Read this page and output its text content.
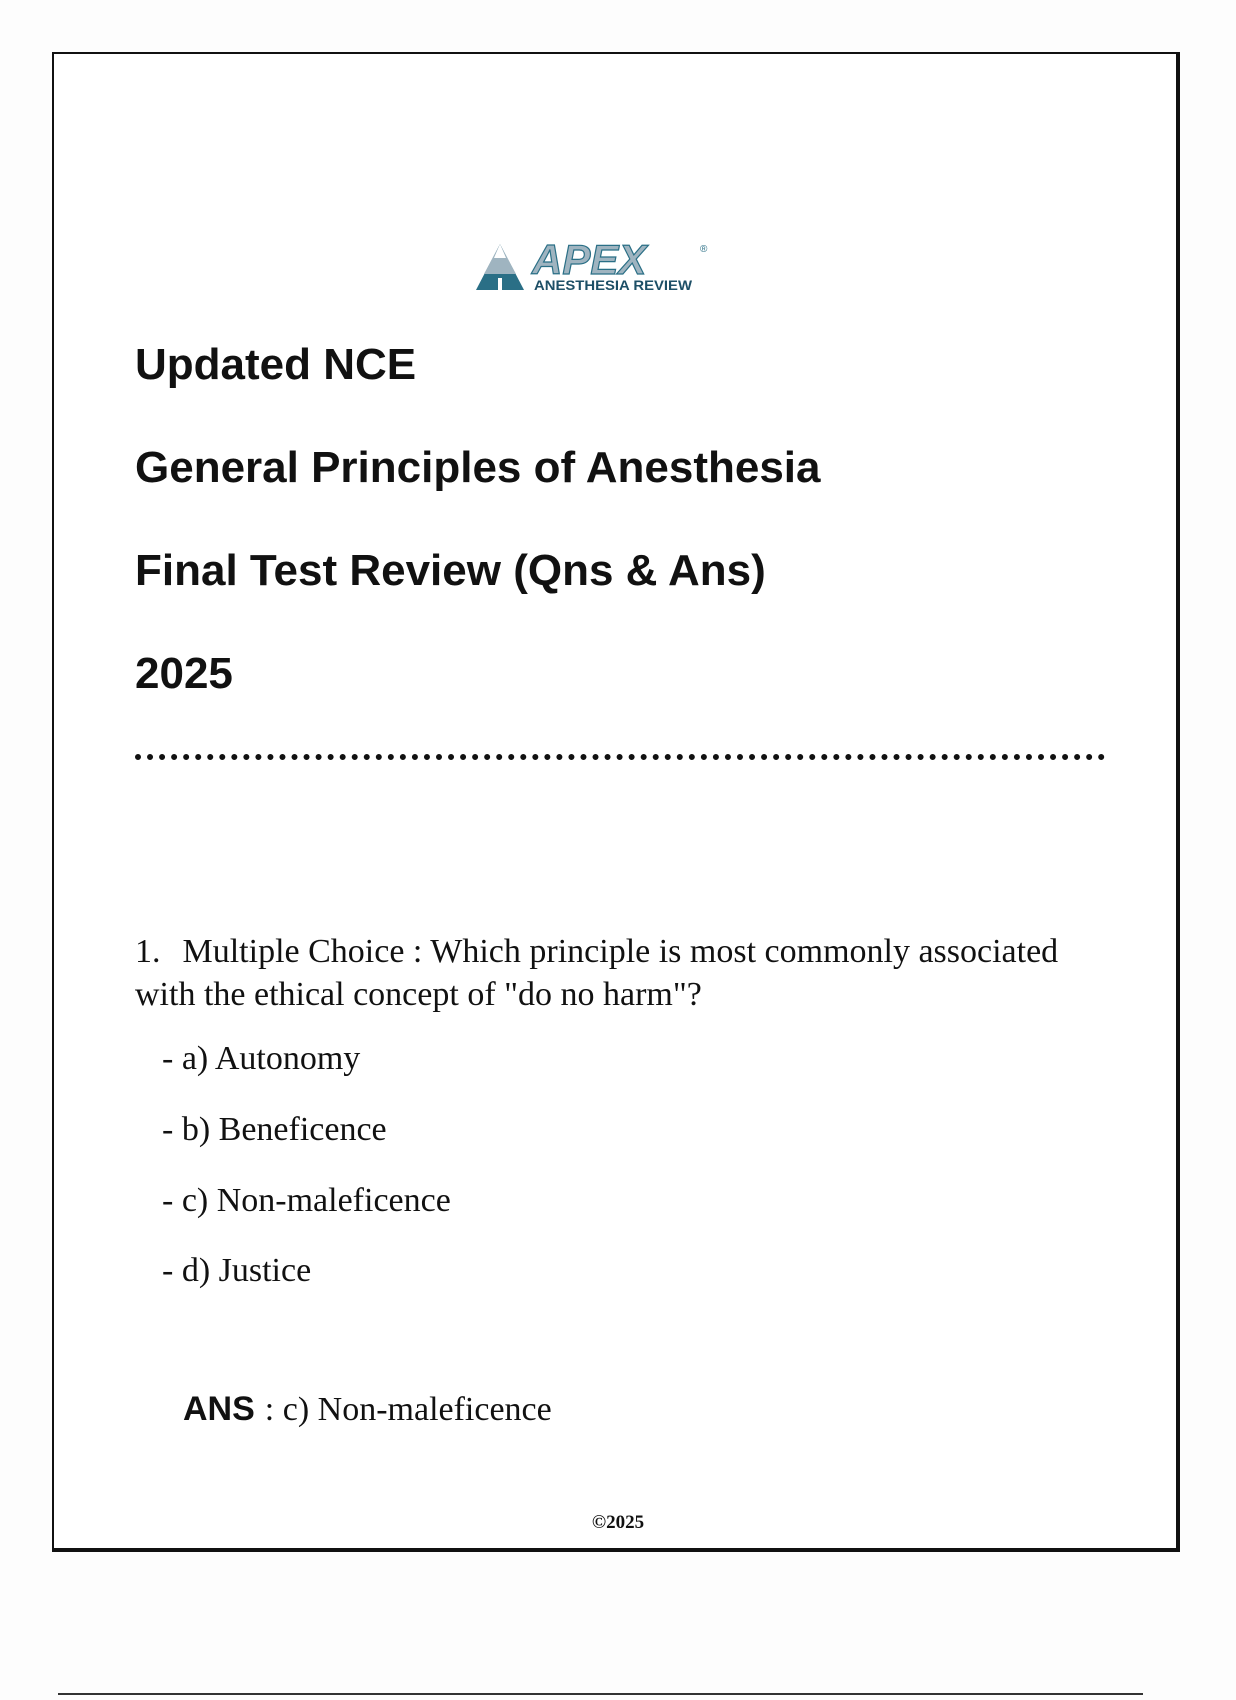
APEX	®
ANESTHESIA REVIEW
Updated NCE
General Principles of Anesthesia
Final Test Review (Qns & Ans)
2025

1. Multiple Choice : Which principle is most commonly associated with the ethical concept of "do no harm"?

- a) Autonomy

- b) Beneficence

- c) Non-maleficence

- d) Justice

ANS : c) Non-maleficence

©2025
